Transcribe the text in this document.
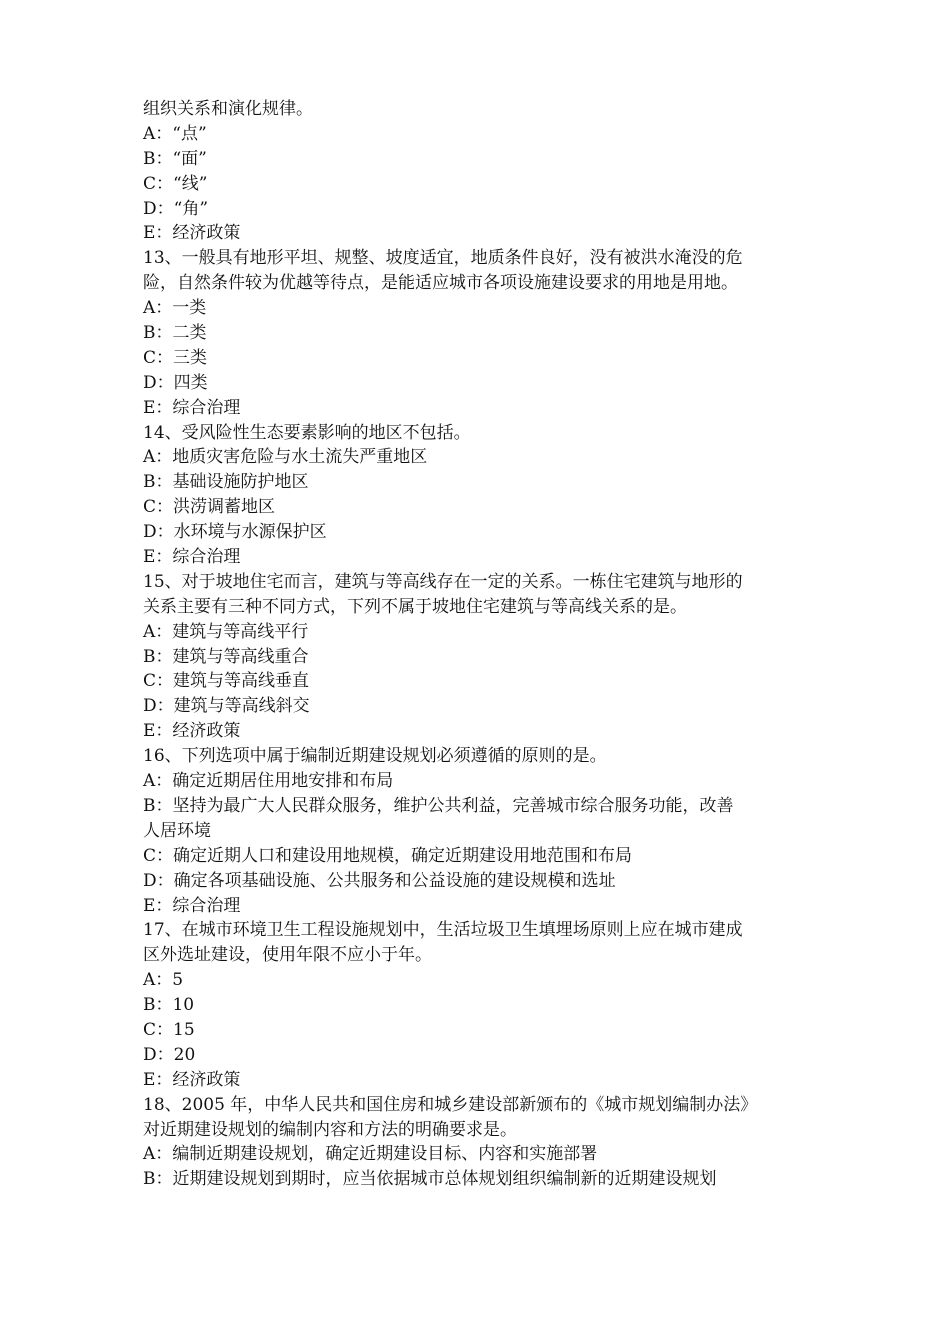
组织关系和演化规律。
A：“点”
B：“面”
C：“线”
D：“角”
E：经济政策
13、一般具有地形平坦、规整、坡度适宜，地质条件良好，没有被洪水淹没的危
险，自然条件较为优越等待点，是能适应城市各项设施建设要求的用地是用地。
A：一类
B：二类
C：三类
D：四类
E：综合治理
14、受风险性生态要素影响的地区不包括。
A：地质灾害危险与水土流失严重地区
B：基础设施防护地区
C：洪涝调蓄地区
D：水环境与水源保护区
E：综合治理
15、对于坡地住宅而言，建筑与等高线存在一定的关系。一栋住宅建筑与地形的
关系主要有三种不同方式，下列不属于坡地住宅建筑与等高线关系的是。
A：建筑与等高线平行
B：建筑与等高线重合
C：建筑与等高线垂直
D：建筑与等高线斜交
E：经济政策
16、下列选项中属于编制近期建设规划必须遵循的原则的是。
A：确定近期居住用地安排和布局
B：坚持为最广大人民群众服务，维护公共利益，完善城市综合服务功能，改善
人居环境
C：确定近期人口和建设用地规模，确定近期建设用地范围和布局
D：确定各项基础设施、公共服务和公益设施的建设规模和选址
E：综合治理
17、在城市环境卫生工程设施规划中，生活垃圾卫生填埋场原则上应在城市建成
区外选址建设，使用年限不应小于年。
A：5
B：10
C：15
D：20
E：经济政策
18、2005 年，中华人民共和国住房和城乡建设部新颁布的《城市规划编制办法》
对近期建设规划的编制内容和方法的明确要求是。
A：编制近期建设规划，确定近期建设目标、内容和实施部署
B：近期建设规划到期时，应当依据城市总体规划组织编制新的近期建设规划
